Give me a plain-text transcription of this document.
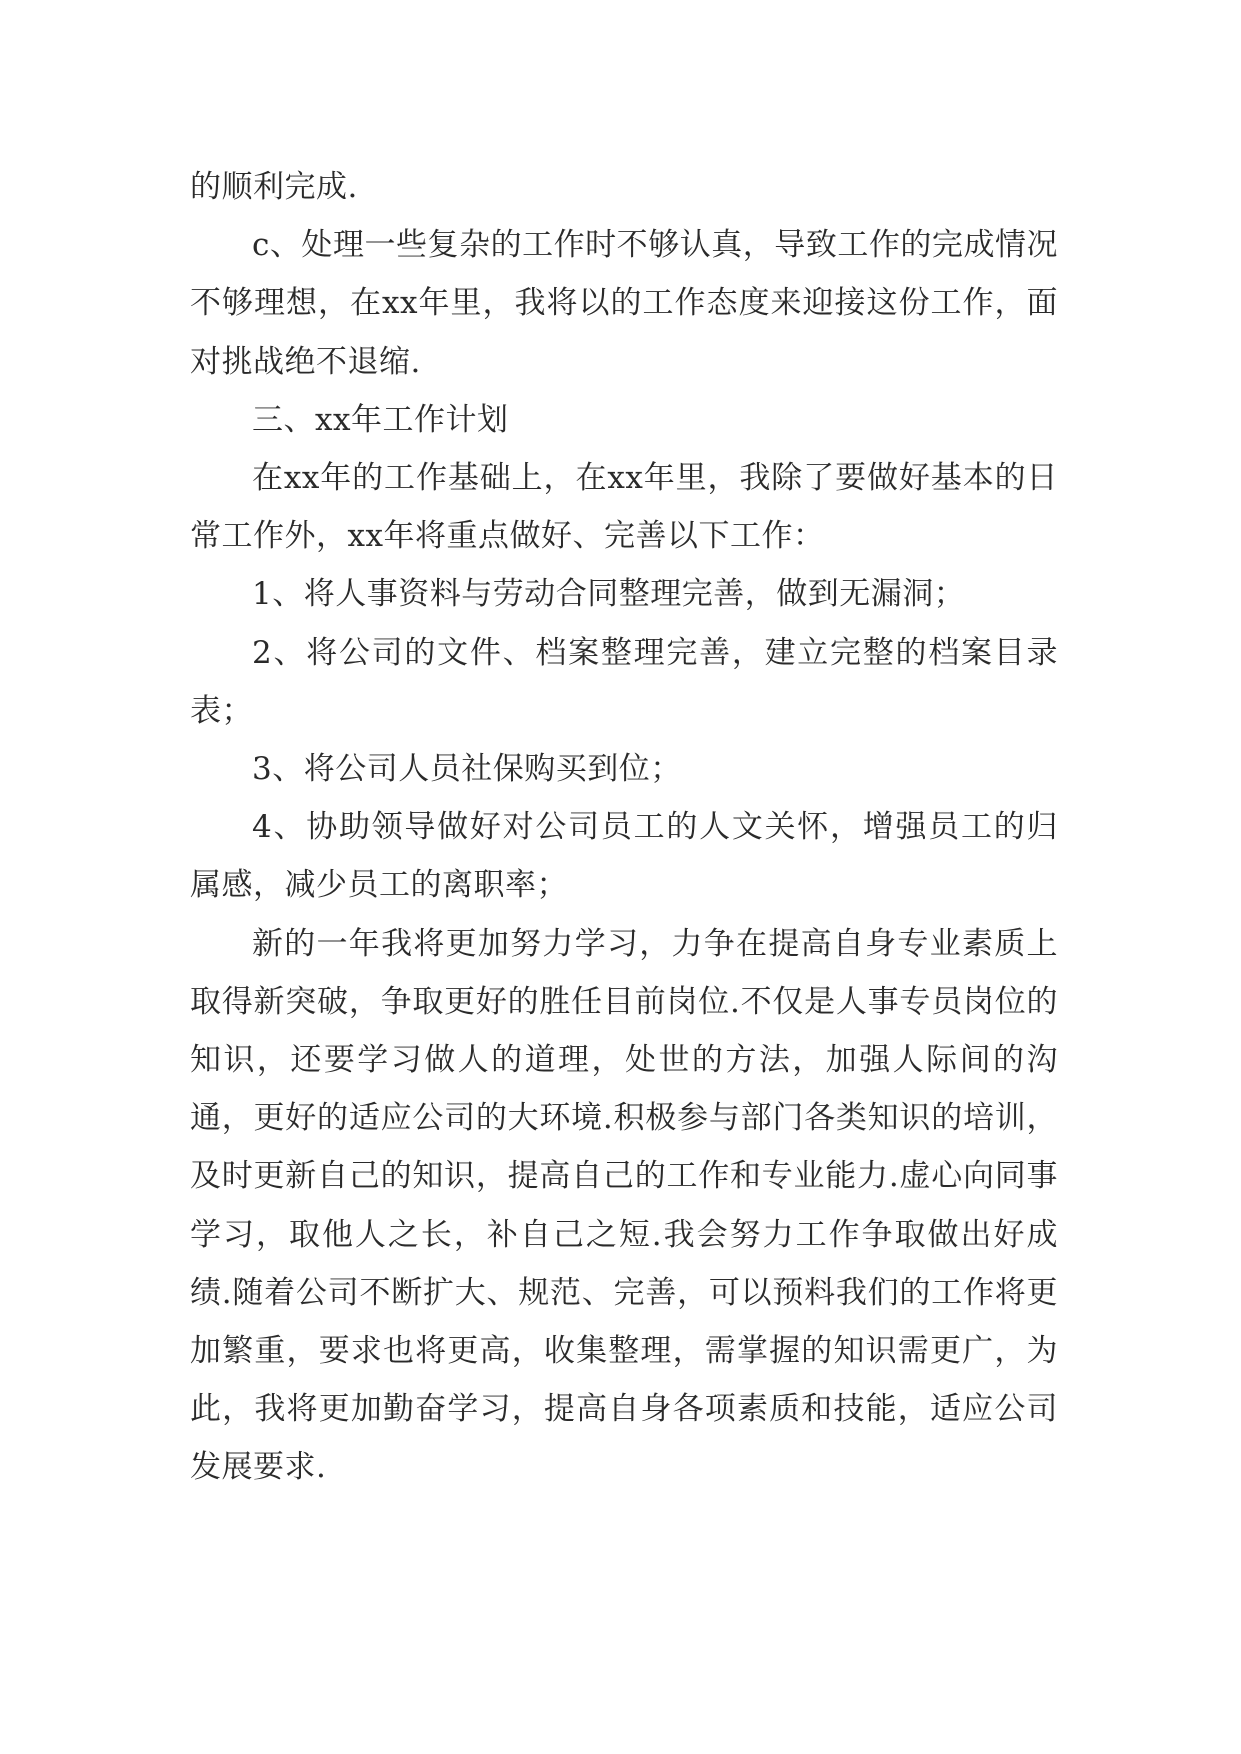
的顺利完成.

c、处理一些复杂的工作时不够认真，导致工作的完成情况不够理想，在xx年里，我将以的工作态度来迎接这份工作，面对挑战绝不退缩.

三、xx年工作计划

在xx年的工作基础上，在xx年里，我除了要做好基本的日常工作外，xx年将重点做好、完善以下工作：

1、将人事资料与劳动合同整理完善，做到无漏洞；

2、将公司的文件、档案整理完善，建立完整的档案目录表；

3、将公司人员社保购买到位；

4、协助领导做好对公司员工的人文关怀，增强员工的归属感，减少员工的离职率；

新的一年我将更加努力学习，力争在提高自身专业素质上取得新突破，争取更好的胜任目前岗位.不仅是人事专员岗位的知识，还要学习做人的道理，处世的方法，加强人际间的沟通，更好的适应公司的大环境.积极参与部门各类知识的培训，及时更新自己的知识，提高自己的工作和专业能力.虚心向同事学习，取他人之长，补自己之短.我会努力工作争取做出好成绩.随着公司不断扩大、规范、完善，可以预料我们的工作将更加繁重，要求也将更高，收集整理，需掌握的知识需更广，为此，我将更加勤奋学习，提高自身各项素质和技能，适应公司发展要求.
